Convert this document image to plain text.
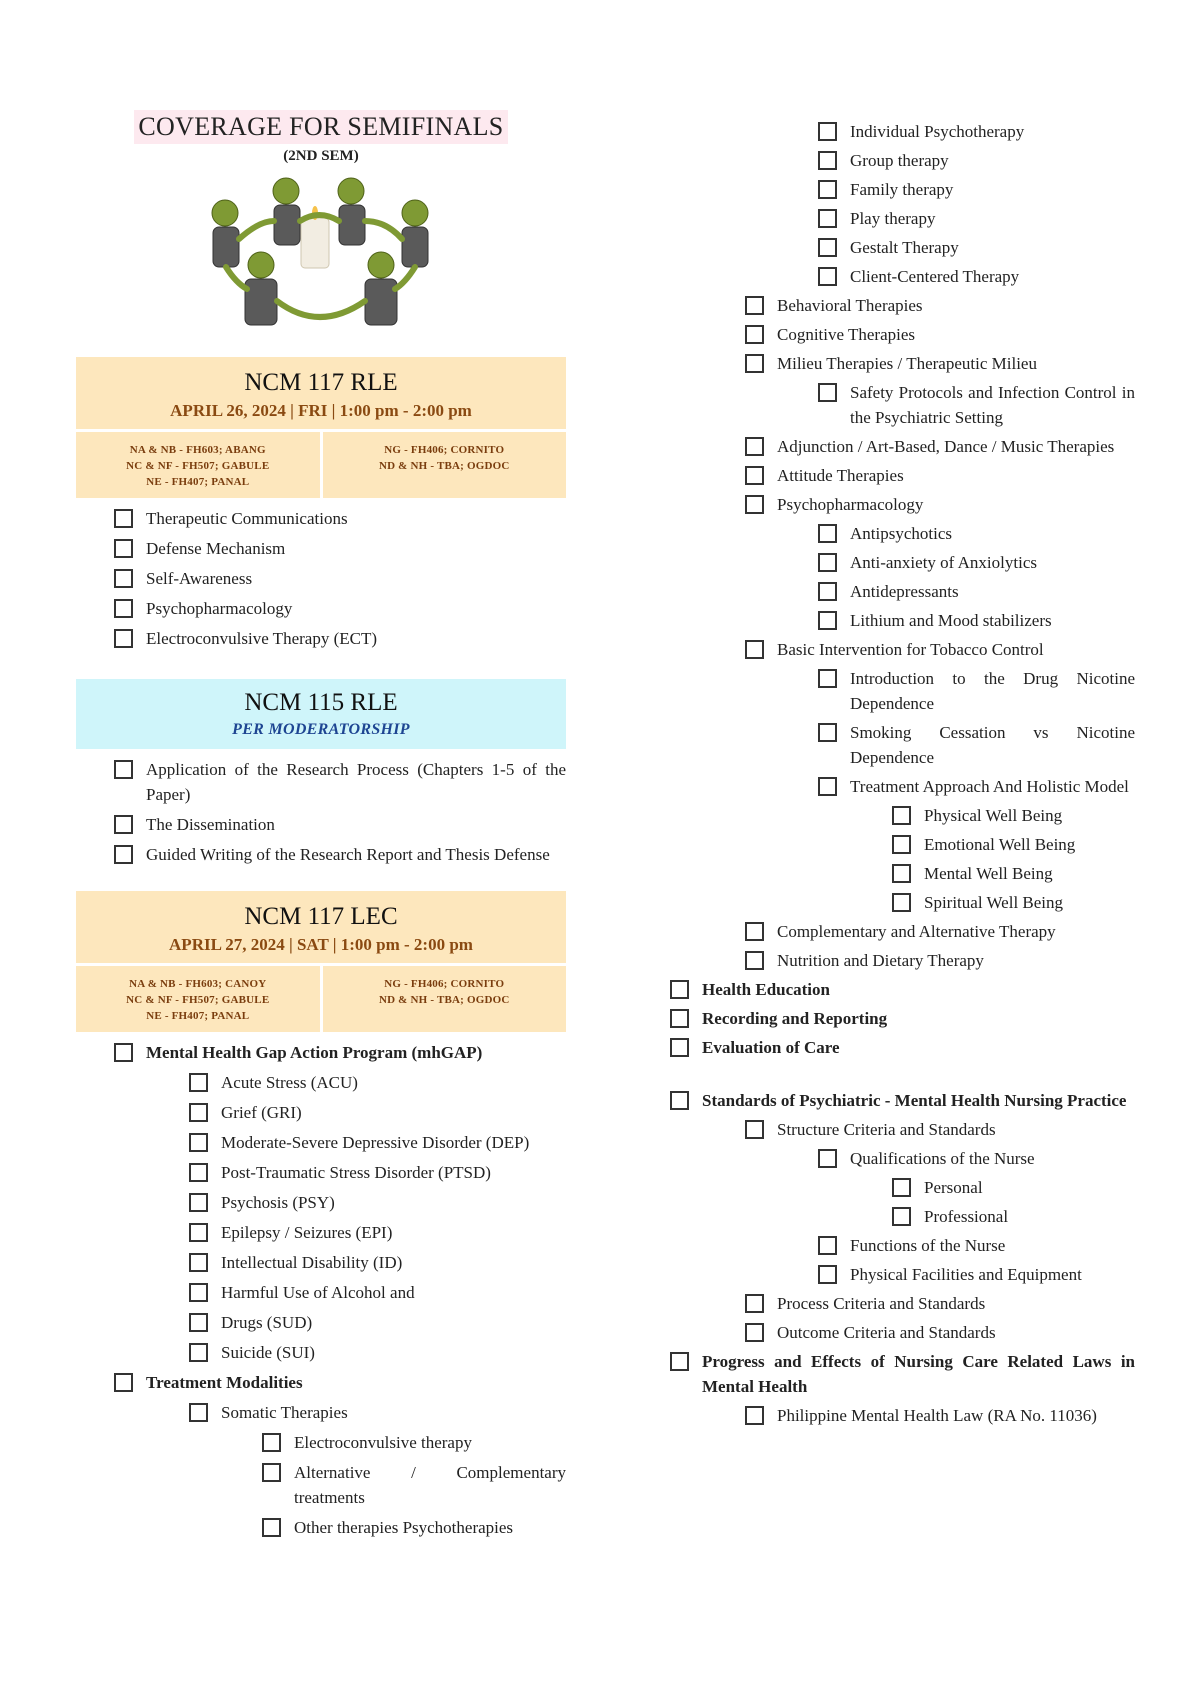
COVERAGE FOR SEMIFINALS
(2ND SEM)
NCM 117 RLE
APRIL 26, 2024 | FRI | 1:00 pm - 2:00 pm
NA & NB - FH603; ABANG
NC & NF - FH507; GABULE
NE - FH407; PANAL
NG - FH406; CORNITO
ND & NH - TBA; OGDOC
Therapeutic Communications
Defense Mechanism
Self-Awareness
Psychopharmacology
Electroconvulsive Therapy (ECT)
NCM 115 RLE
PER MODERATORSHIP
Application of the Research Process (Chapters 1-5 of the Paper)
The Dissemination
Guided Writing of the Research Report and Thesis Defense
NCM 117 LEC
APRIL 27, 2024 | SAT | 1:00 pm - 2:00 pm
NA & NB - FH603; CANOY
NC & NF - FH507; GABULE
NE - FH407; PANAL
NG - FH406; CORNITO
ND & NH - TBA; OGDOC
Mental Health Gap Action Program (mhGAP)
Acute Stress (ACU)
Grief (GRI)
Moderate-Severe Depressive Disorder (DEP)
Post-Traumatic Stress Disorder (PTSD)
Psychosis (PSY)
Epilepsy / Seizures (EPI)
Intellectual Disability (ID)
Harmful Use of Alcohol and
Drugs (SUD)
Suicide (SUI)
Treatment Modalities
Somatic Therapies
Electroconvulsive therapy
Alternative / Complementary treatments
Other therapies Psychotherapies
Individual Psychotherapy
Group therapy
Family therapy
Play therapy
Gestalt Therapy
Client-Centered Therapy
Behavioral Therapies
Cognitive Therapies
Milieu Therapies / Therapeutic Milieu
Safety Protocols and Infection Control in the Psychiatric Setting
Adjunction / Art-Based, Dance / Music Therapies
Attitude Therapies
Psychopharmacology
Antipsychotics
Anti-anxiety of Anxiolytics
Antidepressants
Lithium and Mood stabilizers
Basic Intervention for Tobacco Control
Introduction to the Drug Nicotine Dependence
Smoking Cessation vs Nicotine Dependence
Treatment Approach And Holistic Model
Physical Well Being
Emotional Well Being
Mental Well Being
Spiritual Well Being
Complementary and Alternative Therapy
Nutrition and Dietary Therapy
Health Education
Recording and Reporting
Evaluation of Care
Standards of Psychiatric - Mental Health Nursing Practice
Structure Criteria and Standards
Qualifications of the Nurse
Personal
Professional
Functions of the Nurse
Physical Facilities and Equipment
Process Criteria and Standards
Outcome Criteria and Standards
Progress and Effects of Nursing Care Related Laws in Mental Health
Philippine Mental Health Law (RA No. 11036)
